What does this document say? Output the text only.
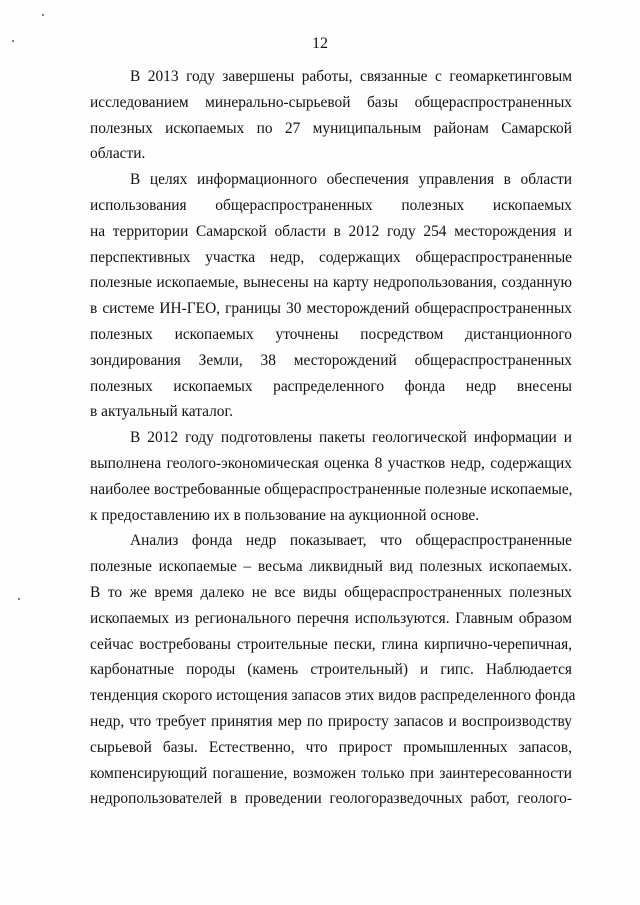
12

В 2013 году завершены работы, связанные с геомаркетинговым
исследованием минерально-сырьевой базы общераспространенных
полезных ископаемых по 27 муниципальным районам Самарской
области.

В целях информационного обеспечения управления в области
использования общераспространенных полезных ископаемых
на территории Самарской области в 2012 году 254 месторождения и
перспективных участка недр, содержащих общераспространенные
полезные ископаемые, вынесены на карту недропользования, созданную
в системе ИН-ГЕО, границы 30 месторождений общераспространенных
полезных ископаемых уточнены посредством дистанционного
зондирования Земли, 38 месторождений общераспространенных
полезных ископаемых распределенного фонда недр внесены
в актуальный каталог.

В 2012 году подготовлены пакеты геологической информации и
выполнена геолого-экономическая оценка 8 участков недр, содержащих
наиболее востребованные общераспространенные полезные ископаемые,
к предоставлению их в пользование на аукционной основе.

Анализ фонда недр показывает, что общераспространенные
полезные ископаемые – весьма ликвидный вид полезных ископаемых.
В то же время далеко не все виды общераспространенных полезных
ископаемых из регионального перечня используются. Главным образом
сейчас востребованы строительные пески, глина кирпично-черепичная,
карбонатные породы (камень строительный) и гипс. Наблюдается
тенденция скорого истощения запасов этих видов распределенного фонда
недр, что требует принятия мер по приросту запасов и воспроизводству
сырьевой базы. Естественно, что прирост промышленных запасов,
компенсирующий погашение, возможен только при заинтересованности
недропользователей в проведении геологоразведочных работ, геолого-
